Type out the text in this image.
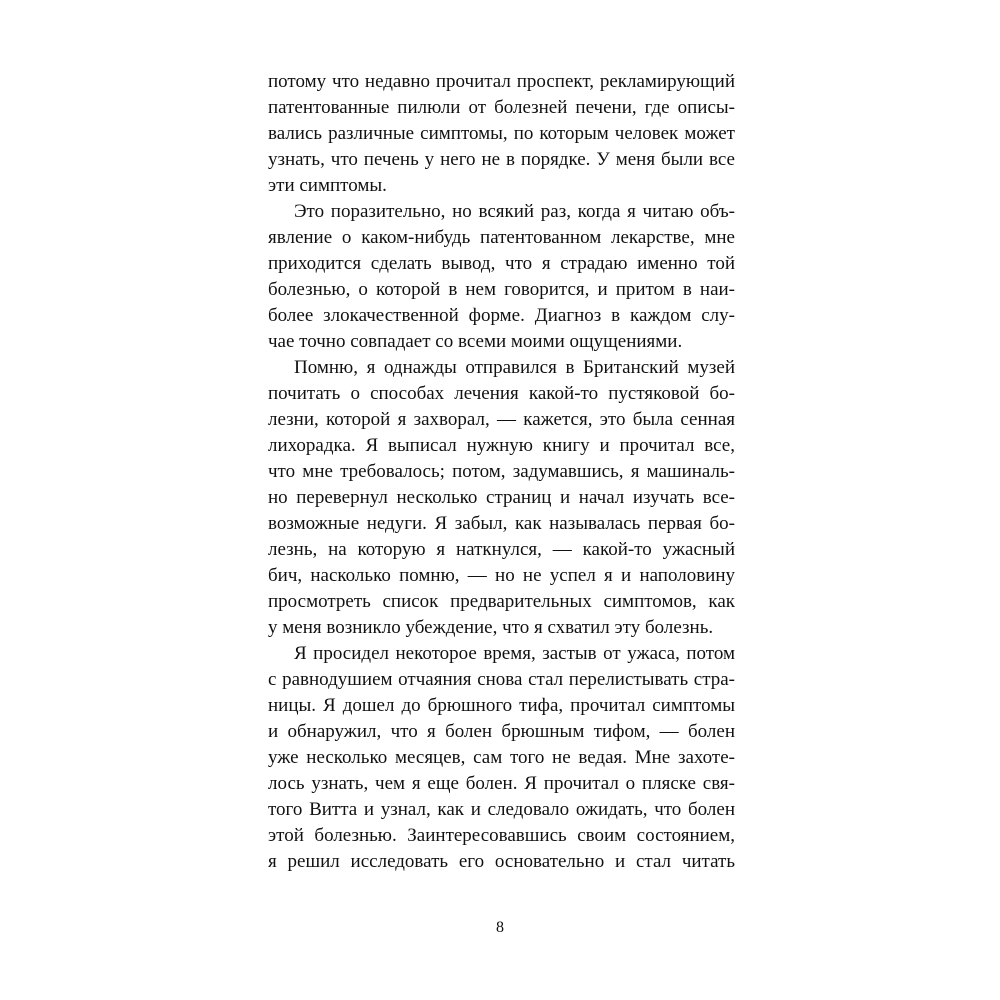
потому что недавно прочитал проспект, рекламирующий
патентованные пилюли от болезней печени, где описы-
вались различные симптомы, по которым человек может
узнать, что печень у него не в порядке. У меня были все
эти симптомы.

Это поразительно, но всякий раз, когда я читаю объ-
явление о каком-нибудь патентованном лекарстве, мне
приходится сделать вывод, что я страдаю именно той
болезнью, о которой в нем говорится, и притом в наи-
более злокачественной форме. Диагноз в каждом слу-
чае точно совпадает со всеми моими ощущениями.

Помню, я однажды отправился в Британский музей
почитать о способах лечения какой-то пустяковой бо-
лезни, которой я захворал, — кажется, это была сенная
лихорадка. Я выписал нужную книгу и прочитал все,
что мне требовалось; потом, задумавшись, я машиналь-
но перевернул несколько страниц и начал изучать все-
возможные недуги. Я забыл, как называлась первая бо-
лезнь, на которую я наткнулся, — какой-то ужасный
бич, насколько помню, — но не успел я и наполовину
просмотреть список предварительных симптомов, как
у меня возникло убеждение, что я схватил эту болезнь.

Я просидел некоторое время, застыв от ужаса, потом
с равнодушием отчаяния снова стал перелистывать стра-
ницы. Я дошел до брюшного тифа, прочитал симптомы
и обнаружил, что я болен брюшным тифом, — болен
уже несколько месяцев, сам того не ведая. Мне захоте-
лось узнать, чем я еще болен. Я прочитал о пляске свя-
того Витта и узнал, как и следовало ожидать, что болен
этой болезнью. Заинтересовавшись своим состоянием,
я решил исследовать его основательно и стал читать

8
